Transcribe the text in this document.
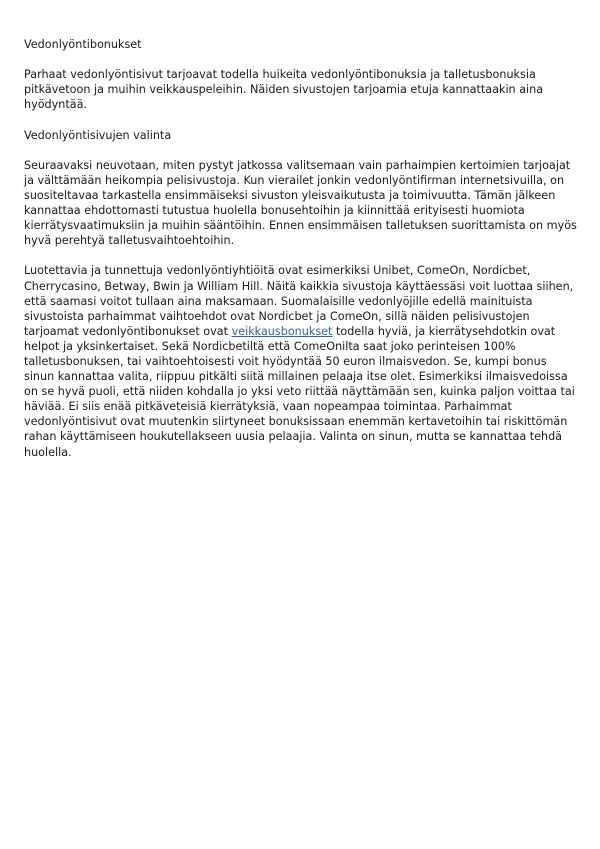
Vedonlyöntibonukset

Parhaat vedonlyöntisivut tarjoavat todella huikeita vedonlyöntibonuksia ja talletusbonuksia pitkävetoon ja muihin veikkauspeleihin. Näiden sivustojen tarjoamia etuja kannattaakin aina hyödyntää.

Vedonlyöntisivujen valinta

Seuraavaksi neuvotaan, miten pystyt jatkossa valitsemaan vain parhaimpien kertoimien tarjoajat ja välttämään heikompia pelisivustoja. Kun vierailet jonkin vedonlyöntifirman internetsivuilla, on suositeltavaa tarkastella ensimmäiseksi sivuston yleisvaikutusta ja toimivuutta. Tämän jälkeen kannattaa ehdottomasti tutustua huolella bonusehtoihin ja kiinnittää erityisesti huomiota kierrätysvaatimuksiin ja muihin sääntöihin. Ennen ensimmäisen talletuksen suorittamista on myös hyvä perehtyä talletusvaihtoehtoihin.

Luotettavia ja tunnettuja vedonlyöntiyhtiöitä ovat esimerkiksi Unibet, ComeOn, Nordicbet, Cherrycasino, Betway, Bwin ja William Hill. Näitä kaikkia sivustoja käyttäessäsi voit luottaa siihen, että saamasi voitot tullaan aina maksamaan. Suomalaisille vedonlyöjille edellä mainituista sivustoista parhaimmat vaihtoehdot ovat Nordicbet ja ComeOn, sillä näiden pelisivustojen tarjoamat vedonlyöntibonukset ovat veikkausbonukset todella hyviä, ja kierrätysehdotkin ovat helpot ja yksinkertaiset. Sekä Nordicbetiltä että ComeOnilta saat joko perinteisen 100% talletusbonuksen, tai vaihtoehtoisesti voit hyödyntää 50 euron ilmaisvedon. Se, kumpi bonus sinun kannattaa valita, riippuu pitkälti siitä millainen pelaaja itse olet. Esimerkiksi ilmaisvedoissa on se hyvä puoli, että niiden kohdalla jo yksi veto riittää näyttämään sen, kuinka paljon voittaa tai häviää. Ei siis enää pitkäveteisiä kierrätyksiä, vaan nopeampaa toimintaa. Parhaimmat vedonlyöntisivut ovat muutenkin siirtyneet bonuksissaan enemmän kertavetoihin tai riskittömän rahan käyttämiseen houkutellakseen uusia pelaajia. Valinta on sinun, mutta se kannattaa tehdä huolella.
